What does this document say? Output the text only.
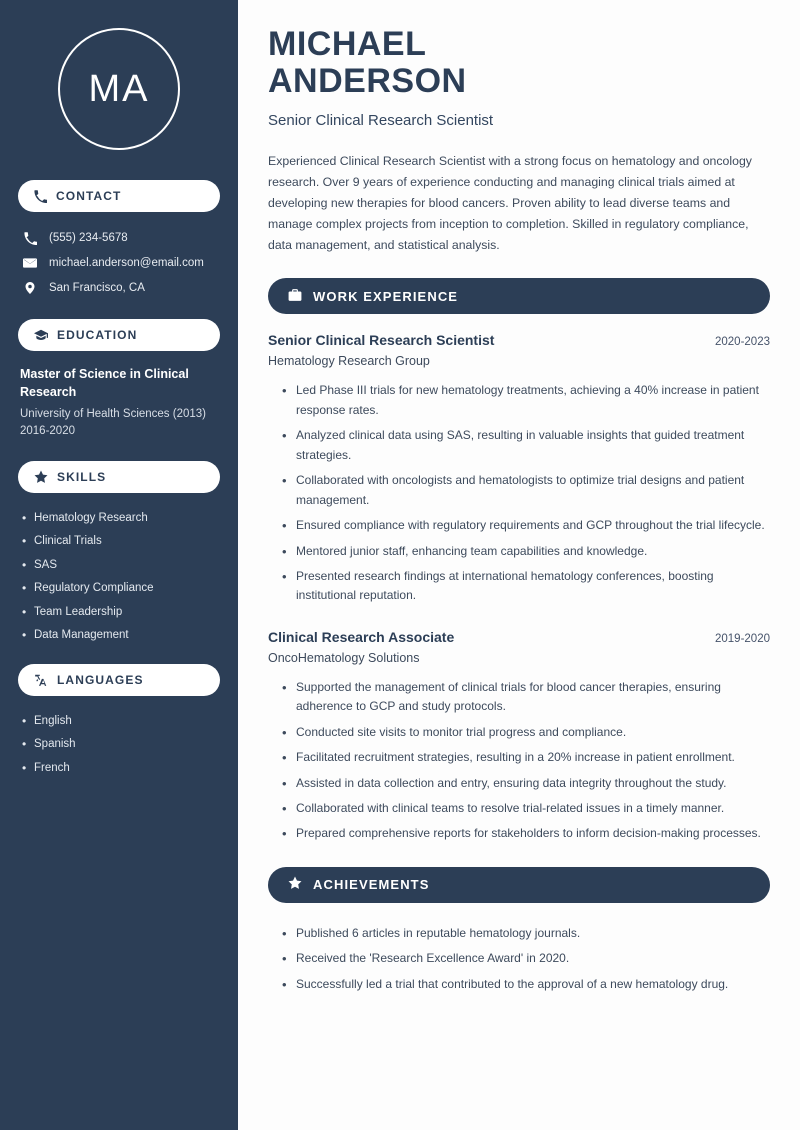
MA
CONTACT
(555) 234-5678
michael.anderson@email.com
San Francisco, CA
EDUCATION
Master of Science in Clinical Research
University of Health Sciences (2013)
2016-2020
SKILLS
• Hematology Research
• Clinical Trials
• SAS
• Regulatory Compliance
• Team Leadership
• Data Management
LANGUAGES
• English
• Spanish
• French
MICHAEL
ANDERSON
Senior Clinical Research Scientist

Experienced Clinical Research Scientist with a strong focus on hematology and oncology research. Over 9 years of experience conducting and managing clinical trials aimed at developing new therapies for blood cancers. Proven ability to lead diverse teams and manage complex projects from inception to completion. Skilled in regulatory compliance, data management, and statistical analysis.

WORK EXPERIENCE
Senior Clinical Research Scientist	2020-2023
Hematology Research Group
• Led Phase III trials for new hematology treatments, achieving a 40% increase in patient response rates.
• Analyzed clinical data using SAS, resulting in valuable insights that guided treatment strategies.
• Collaborated with oncologists and hematologists to optimize trial designs and patient management.
• Ensured compliance with regulatory requirements and GCP throughout the trial lifecycle.
• Mentored junior staff, enhancing team capabilities and knowledge.
• Presented research findings at international hematology conferences, boosting institutional reputation.
Clinical Research Associate	2019-2020
OncoHematology Solutions
• Supported the management of clinical trials for blood cancer therapies, ensuring adherence to GCP and study protocols.
• Conducted site visits to monitor trial progress and compliance.
• Facilitated recruitment strategies, resulting in a 20% increase in patient enrollment.
• Assisted in data collection and entry, ensuring data integrity throughout the study.
• Collaborated with clinical teams to resolve trial-related issues in a timely manner.
• Prepared comprehensive reports for stakeholders to inform decision-making processes.
ACHIEVEMENTS
• Published 6 articles in reputable hematology journals.
• Received the 'Research Excellence Award' in 2020.
• Successfully led a trial that contributed to the approval of a new hematology drug.
